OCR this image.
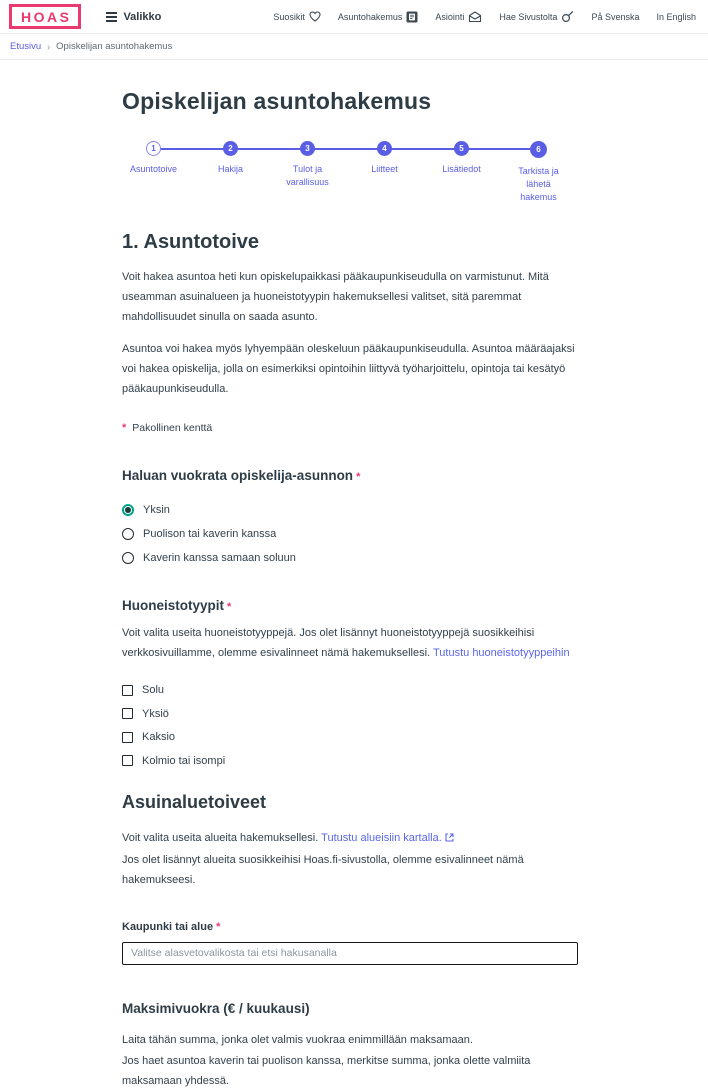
HOAS	Valikko	Suosikit	Asuntohakemus	Asiointi	Hae Sivustolta	På Svenska In English
Etusivu › Opiskelijan asuntohakemus
Opiskelijan asuntohakemus
1
Asuntotoive
2
Hakija
3
Tulot ja varallisuus
4
Liitteet
5
Lisätiedot
6
Tarkista ja lähetä hakemus
1. Asuntotoive

Voit hakea asuntoa heti kun opiskelupaikkasi pääkaupunkiseudulla on varmistunut. Mitä useamman asuinalueen ja huoneistotyypin hakemuksellesi valitset, sitä paremmat mahdollisuudet sinulla on saada asunto.

Asuntoa voi hakea myös lyhyempään oleskeluun pääkaupunkiseudulla. Asuntoa määräajaksi voi hakea opiskelija, jolla on esimerkiksi opintoihin liittyvä työharjoittelu, opintoja tai kesätyö pääkaupunkiseudulla.

* Pakollinen kenttä
Haluan vuokrata opiskelija-asunnon *
Yksin
Puolison tai kaverin kanssa
Kaverin kanssa samaan soluun
Huoneistotyypit *

Voit valita useita huoneistotyyppejä. Jos olet lisännyt huoneistotyyppejä suosikkeihisi verkkosivuillamme, olemme esivalinneet nämä hakemuksellesi. Tutustu huoneistotyyppeihin

Solu
Yksiö
Kaksio
Kolmio tai isompi
Asuinaluetoiveet

Voit valita useita alueita hakemuksellesi. Tutustu alueisiin kartalla.

Jos olet lisännyt alueita suosikkeihisi Hoas.fi-sivustolla, olemme esivalinneet nämä hakemukseesi.

Kaupunki tai alue *
Valitse alasvetovalikosta tai etsi hakusanalla
Maksimivuokra (€ / kuukausi)

Laita tähän summa, jonka olet valmis vuokraa enimmillään maksamaan.

Jos haet asuntoa kaverin tai puolison kanssa, merkitse summa, jonka olette valmiita maksamaan yhdessä.
